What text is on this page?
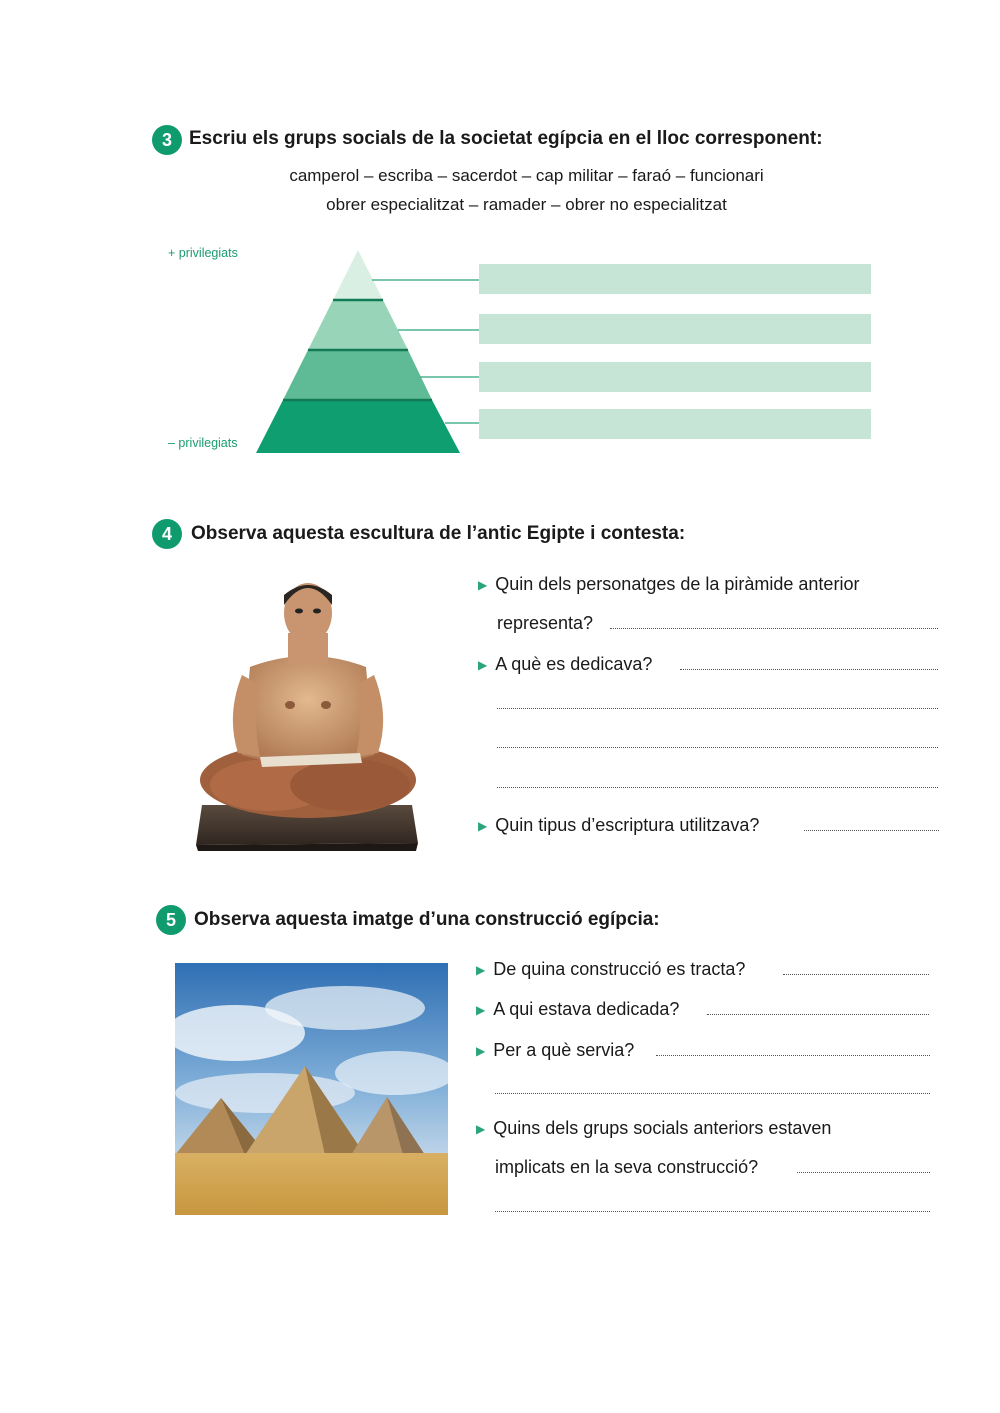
3 Escriu els grups socials de la societat egípcia en el lloc corresponent:
camperol – escriba – sacerdot – cap militar – faraó – funcionari
obrer especialitzat – ramader – obrer no especialitzat
+ privilegiats
– privilegiats
4	Observa aquesta escultura de l’antic Egipte i contesta:
▶ Quin dels personatges de la piràmide anterior
representa?
▶ A què es dedicava?
▶ Quin tipus d’escriptura utilitzava?
5 Observa aquesta imatge d’una construcció egípcia:
▶ De quina construcció es tracta?
▶ A qui estava dedicada?
▶ Per a què servia?
▶ Quins dels grups socials anteriors estaven
implicats en la seva construcció?
